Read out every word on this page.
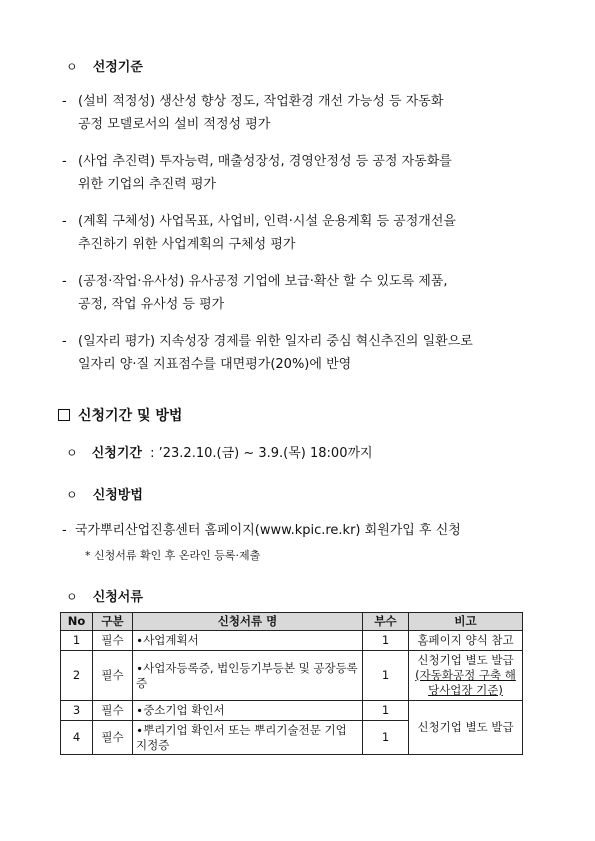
ㅇ 선정기준
- (설비 적정성) 생산성 향상 정도, 작업환경 개선 가능성 등 자동화
공정 모델로서의 설비 적정성 평가
- (사업 추진력) 투자능력, 매출성장성, 경영안정성 등 공정 자동화를
위한 기업의 추진력 평가
- (계획 구체성) 사업목표, 사업비, 인력·시설 운용계획 등 공정개선을
추진하기 위한 사업계획의 구체성 평가
- (공정·작업·유사성) 유사공정 기업에 보급·확산 할 수 있도록 제품,
공정, 작업 유사성 등 평가
- (일자리 평가) 지속성장 경제를 위한 일자리 중심 혁신추진의 일환으로
일자리 양·질 지표점수를 대면평가(20%)에 반영
신청기간 및 방법
ㅇ 신청기간 : ’23.2.10.(금) ~ 3.9.(목) 18:00까지
ㅇ 신청방법
- 국가뿌리산업진흥센터 홈페이지(www.kpic.re.kr) 회원가입 후 신청
* 신청서류 확인 후 온라인 등록·제출
ㅇ 신청서류
No	구분	신청서류 명	부수	비고
1	필수	∙사업계획서	1	홈페이지 양식 참고
2	필수	∙사업자등록증, 법인등기부등본 및 공장등록증	1	신청기업 별도 발급
(자동화공정 구축 해당사업장 기준)

3	필수	∙중소기업 확인서	1	신청기업 별도 발급
4	필수	∙뿌리기업 확인서 또는 뿌리기술전문 기업 지정증	1	
